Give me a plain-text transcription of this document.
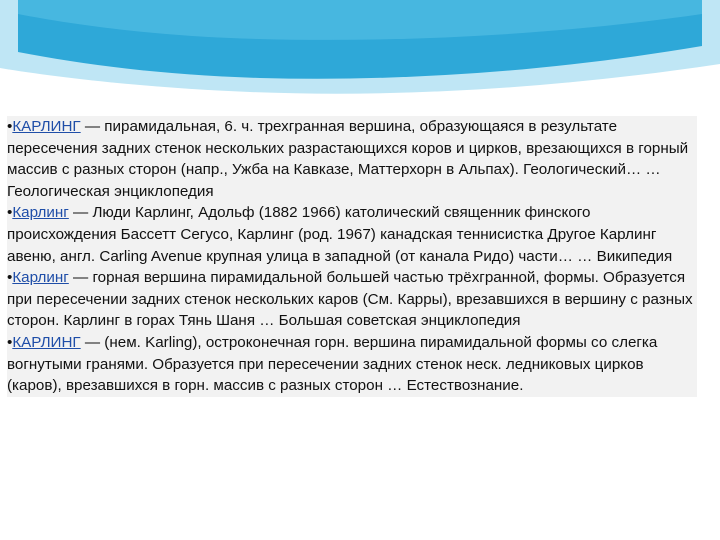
•КАРЛИНГ — пирамидальная, 6. ч. трехгранная вершина, образующаяся в результате пересечения задних стенок нескольких разрастающихся коров и цирков, врезающихся в горный массив с разных сторон (напр., Ужба на Кавказе, Маттерхорн в Альпах). Геологический… … Геологическая энциклопедия

•Карлинг — Люди Карлинг, Адольф (1882 1966) католический священник финского происхождения Бассетт Сегусо, Карлинг (род. 1967) канадская теннисистка Другое Карлинг авеню, англ. Carling Avenue крупная улица в западной (от канала Ридо) части… … Википедия

•Карлинг — горная вершина пирамидальной большей частью трёхгранной, формы. Образуется при пересечении задних стенок нескольких каров (См. Карры), врезавшихся в вершину с разных сторон. Карлинг в горах Тянь Шаня … Большая советская энциклопедия

•КАРЛИНГ — (нем. Karling), остроконечная горн. вершина пирамидальной формы со слегка вогнутыми гранями. Образуется при пересечении задних стенок неск. ледниковых цирков (каров), врезавшихся в горн. массив с разных сторон … Естествознание.
